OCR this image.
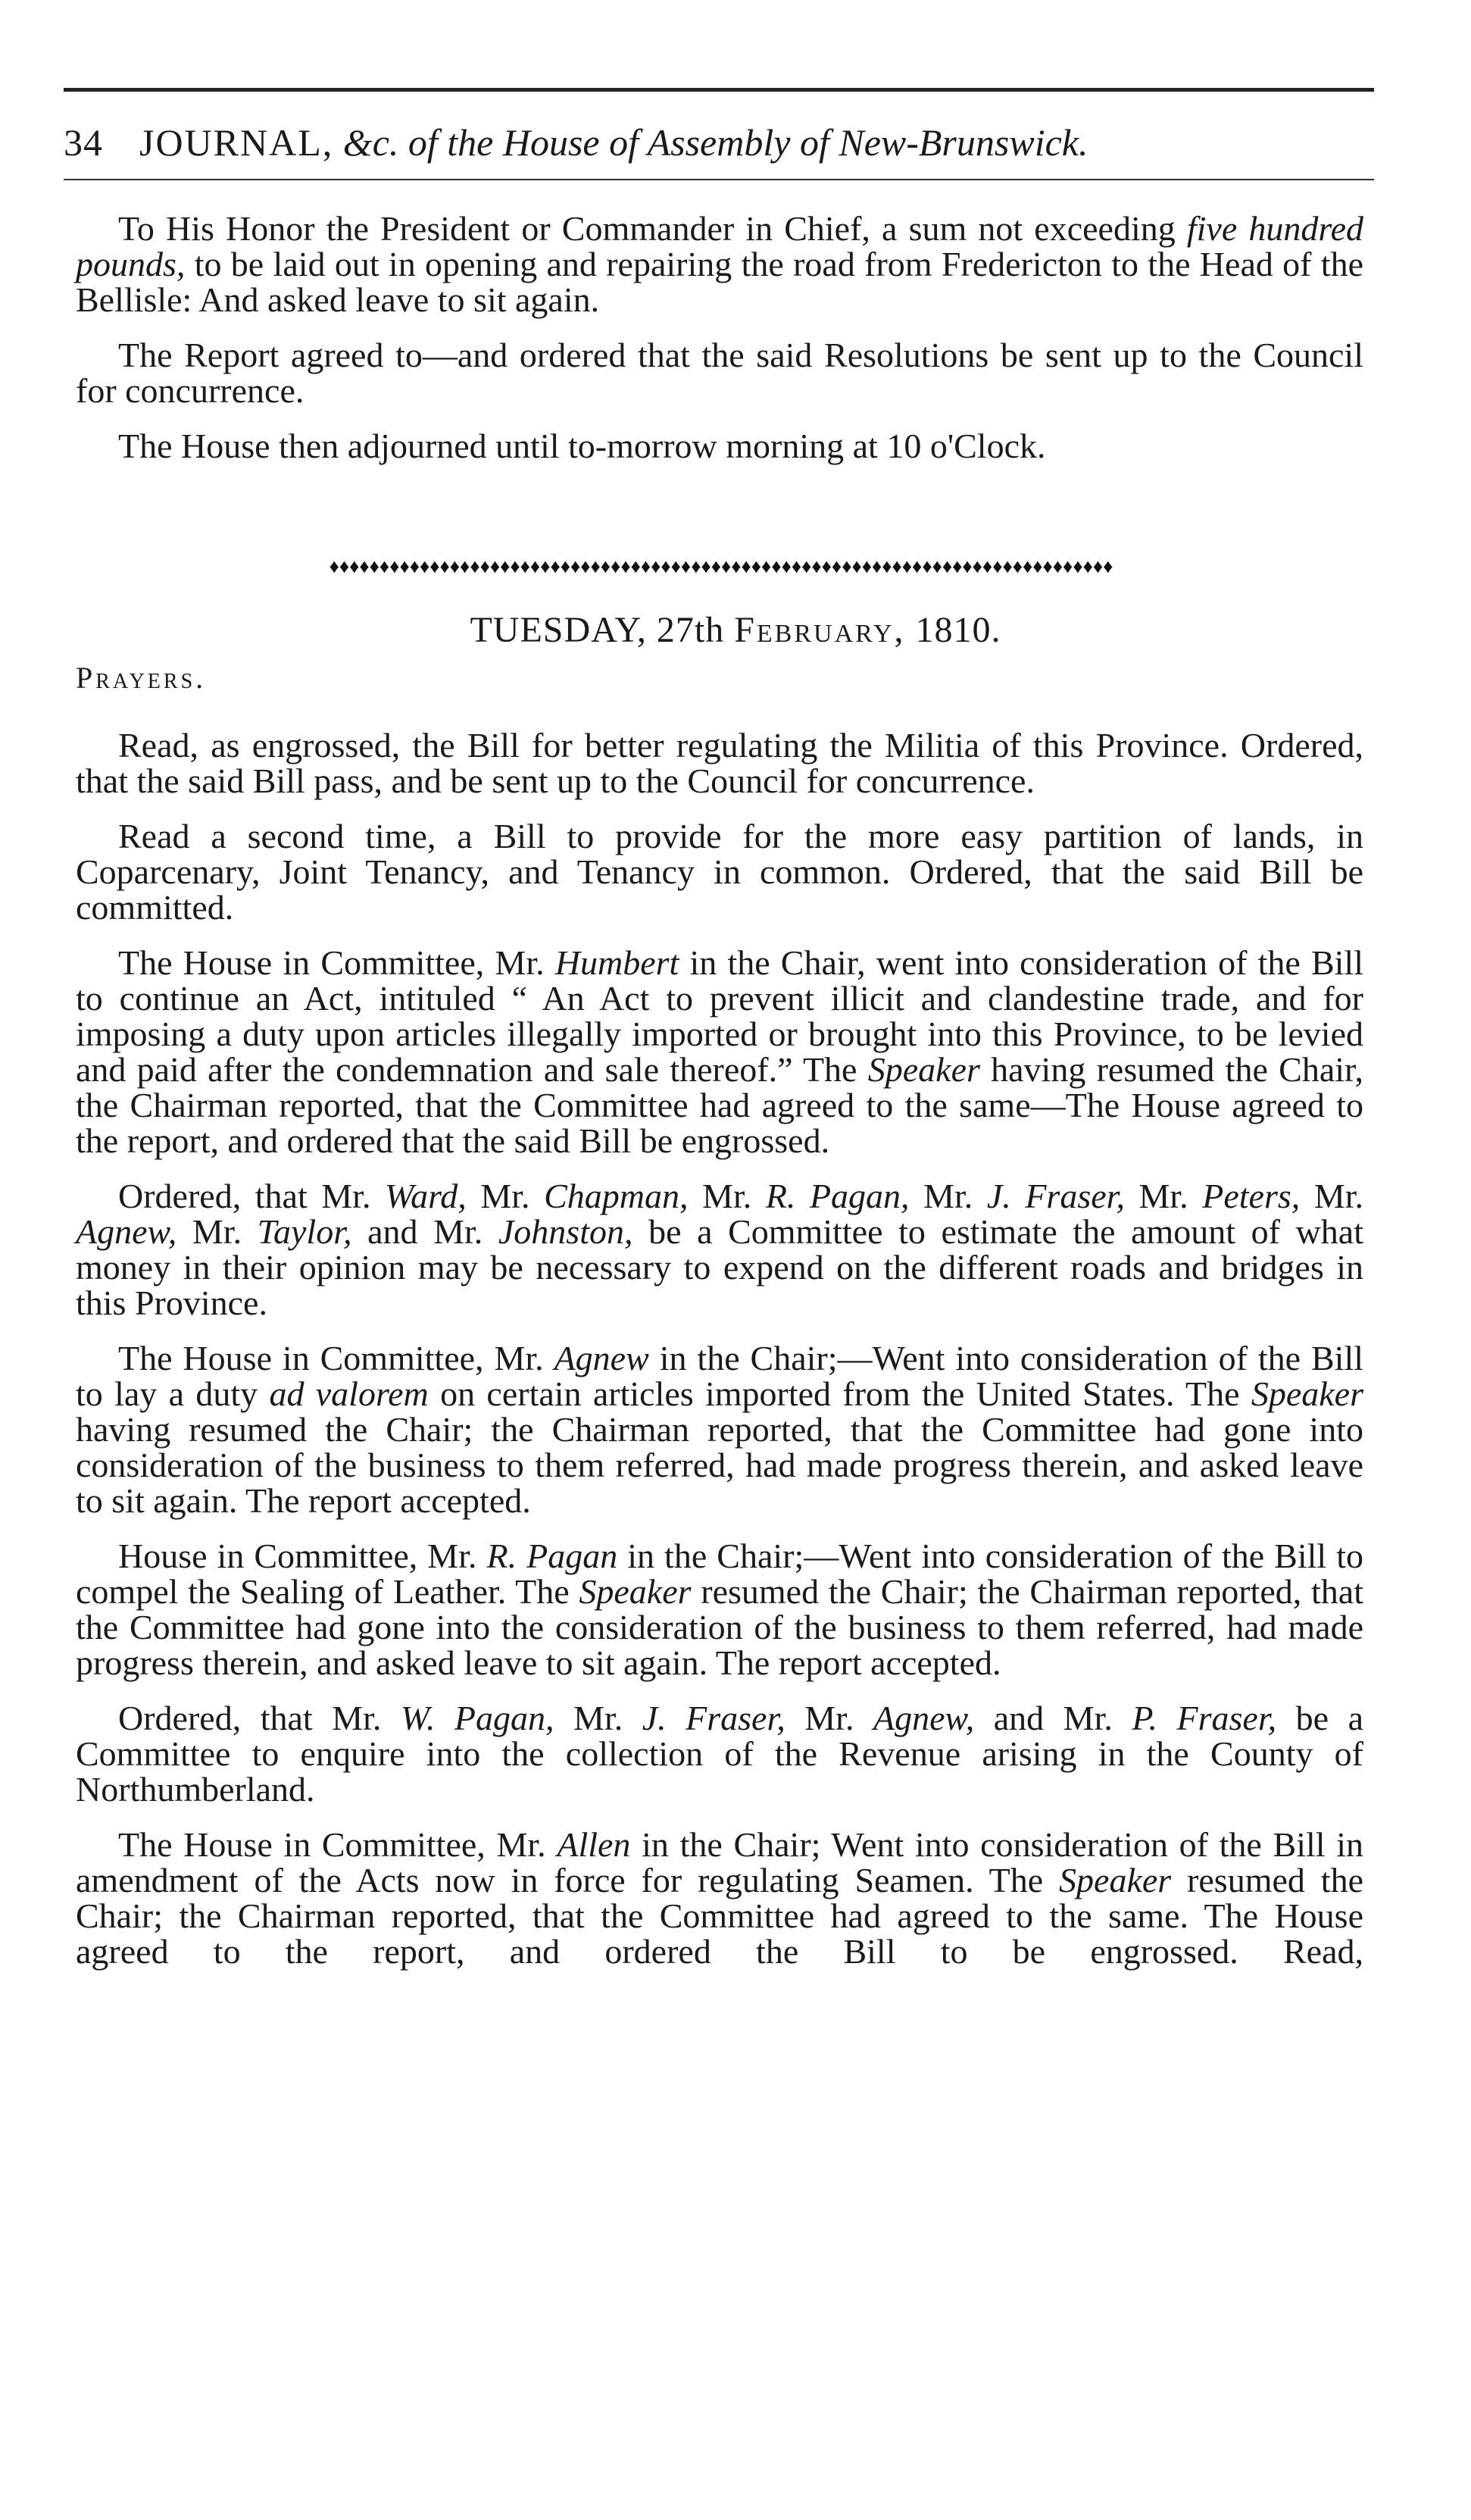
34 JOURNAL, &c. of the House of Assembly of New-Brunswick.

To His Honor the President or Commander in Chief, a sum not exceeding five hundred pounds, to be laid out in opening and repairing the road from Fredericton to the Head of the Bellisle: And asked leave to sit again.

The Report agreed to—and ordered that the said Resolutions be sent up to the Council for concurrence.

The House then adjourned until to-morrow morning at 10 o'Clock.

♦♦♦♦♦♦♦♦♦♦♦♦♦♦♦♦♦♦♦♦♦♦♦♦♦♦♦♦♦♦♦♦♦♦♦♦♦♦♦♦♦♦♦♦♦♦♦♦♦♦♦♦♦♦♦♦♦♦♦♦♦♦♦♦♦♦♦♦♦♦♦♦♦♦♦♦♦♦
TUESDAY, 27th February, 1810.
Prayers.

Read, as engrossed, the Bill for better regulating the Militia of this Province. Ordered, that the said Bill pass, and be sent up to the Council for concurrence.

Read a second time, a Bill to provide for the more easy partition of lands, in Coparcenary, Joint Tenancy, and Tenancy in common. Ordered, that the said Bill be committed.

The House in Committee, Mr. Humbert in the Chair, went into consideration of the Bill to continue an Act, intituled “ An Act to prevent illicit and clandestine trade, and for imposing a duty upon articles illegally imported or brought into this Province, to be levied and paid after the condemnation and sale thereof.” The Speaker having resumed the Chair, the Chairman reported, that the Committee had agreed to the same—The House agreed to the report, and ordered that the said Bill be engrossed.

Ordered, that Mr. Ward, Mr. Chapman, Mr. R. Pagan, Mr. J. Fraser, Mr. Peters, Mr. Agnew, Mr. Taylor, and Mr. Johnston, be a Committee to estimate the amount of what money in their opinion may be necessary to expend on the different roads and bridges in this Province.

The House in Committee, Mr. Agnew in the Chair;—Went into consideration of the Bill to lay a duty ad valorem on certain articles imported from the United States. The Speaker having resumed the Chair; the Chairman reported, that the Committee had gone into consideration of the business to them referred, had made progress therein, and asked leave to sit again. The report accepted.

House in Committee, Mr. R. Pagan in the Chair;—Went into consideration of the Bill to compel the Sealing of Leather. The Speaker resumed the Chair; the Chairman reported, that the Committee had gone into the consideration of the business to them referred, had made progress therein, and asked leave to sit again. The report accepted.

Ordered, that Mr. W. Pagan, Mr. J. Fraser, Mr. Agnew, and Mr. P. Fraser, be a Committee to enquire into the collection of the Revenue arising in the County of Northumberland.

The House in Committee, Mr. Allen in the Chair; Went into consideration of the Bill in amendment of the Acts now in force for regulating Seamen. The Speaker resumed the Chair; the Chairman reported, that the Committee had agreed to the same. The House agreed to the report, and ordered the Bill to be engrossed. Read,
